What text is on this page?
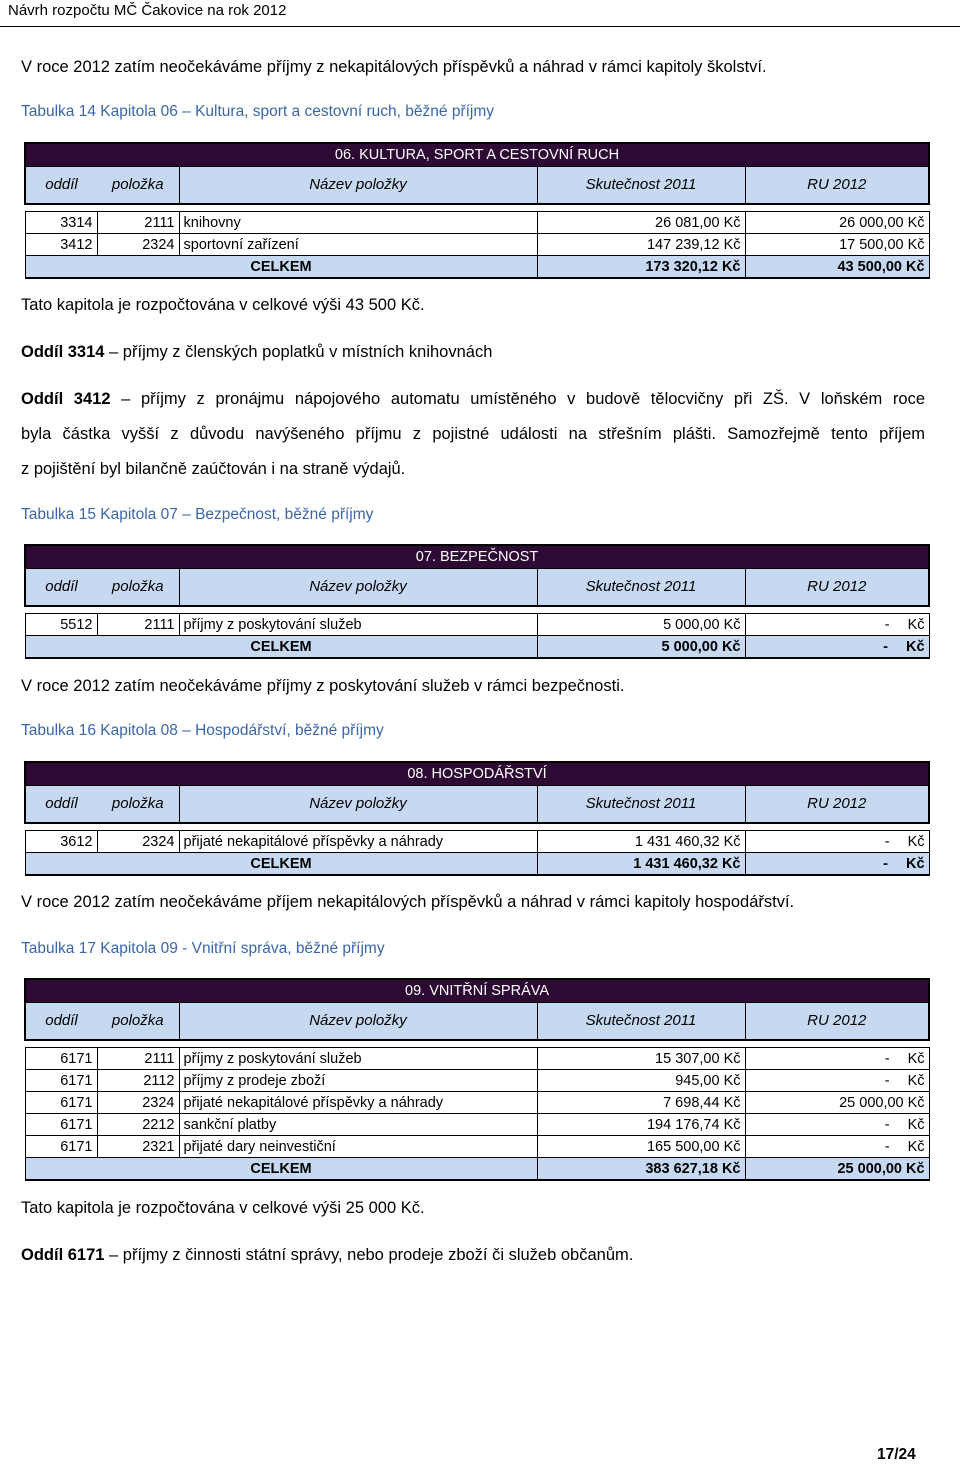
Návrh rozpočtu MČ Čakovice na rok 2012
V roce 2012 zatím neočekáváme příjmy z nekapitálových příspěvků a náhrad v rámci kapitoly školství.
Tabulka 14 Kapitola 06 – Kultura, sport a cestovní ruch, běžné příjmy
06. KULTURA, SPORT A CESTOVNÍ RUCH				
oddíl	položka	Název položky	Skutečnost 2011	RU 2012

3314	2111	knihovny	26 081,00 Kč	26 000,00 Kč
3412	2324	sportovní zařízení	147 239,12 Kč	17 500,00 Kč
CELKEM			173 320,12 Kč	43 500,00 Kč
Tato kapitola je rozpočtována v celkové výši 43 500 Kč.
Oddíl 3314 – příjmy z členských poplatků v místních knihovnách
Oddíl 3412 – příjmy z pronájmu nápojového automatu umístěného v budově tělocvičny při ZŠ. V loňském roce
byla částka vyšší z důvodu navýšeného příjmu z pojistné události na střešním plášti. Samozřejmě tento příjem
z pojištění byl bilančně zaúčtován i na straně výdajů.
Tabulka 15 Kapitola 07 – Bezpečnost, běžné příjmy
07. BEZPEČNOST				
oddíl	položka	Název položky	Skutečnost 2011	RU 2012

5512	2111	příjmy z poskytování služeb	5 000,00 Kč	- Kč
CELKEM			5 000,00 Kč	- Kč
V roce 2012 zatím neočekáváme příjmy z poskytování služeb v rámci bezpečnosti.
Tabulka 16 Kapitola 08 – Hospodářství, běžné příjmy
08. HOSPODÁŘSTVÍ				
oddíl	položka	Název položky	Skutečnost 2011	RU 2012

3612	2324	přijaté nekapitálové příspěvky a náhrady	1 431 460,32 Kč	- Kč
CELKEM			1 431 460,32 Kč	- Kč
V roce 2012 zatím neočekáváme příjem nekapitálových příspěvků a náhrad v rámci kapitoly hospodářství.
Tabulka 17 Kapitola 09 - Vnitřní správa, běžné příjmy
09. VNITŘNÍ SPRÁVA				
oddíl	položka	Název položky	Skutečnost 2011	RU 2012

6171	2111	příjmy z poskytování služeb	15 307,00 Kč	- Kč
6171	2112	příjmy z prodeje zboží	945,00 Kč	- Kč
6171	2324	přijaté nekapitálové příspěvky a náhrady	7 698,44 Kč	25 000,00 Kč
6171	2212	sankční platby	194 176,74 Kč	- Kč
6171	2321	přijaté dary neinvestiční	165 500,00 Kč	- Kč
CELKEM			383 627,18 Kč	25 000,00 Kč
Tato kapitola je rozpočtována v celkové výši 25 000 Kč.
Oddíl 6171 – příjmy z činnosti státní správy, nebo prodeje zboží či služeb občanům.
17/24
